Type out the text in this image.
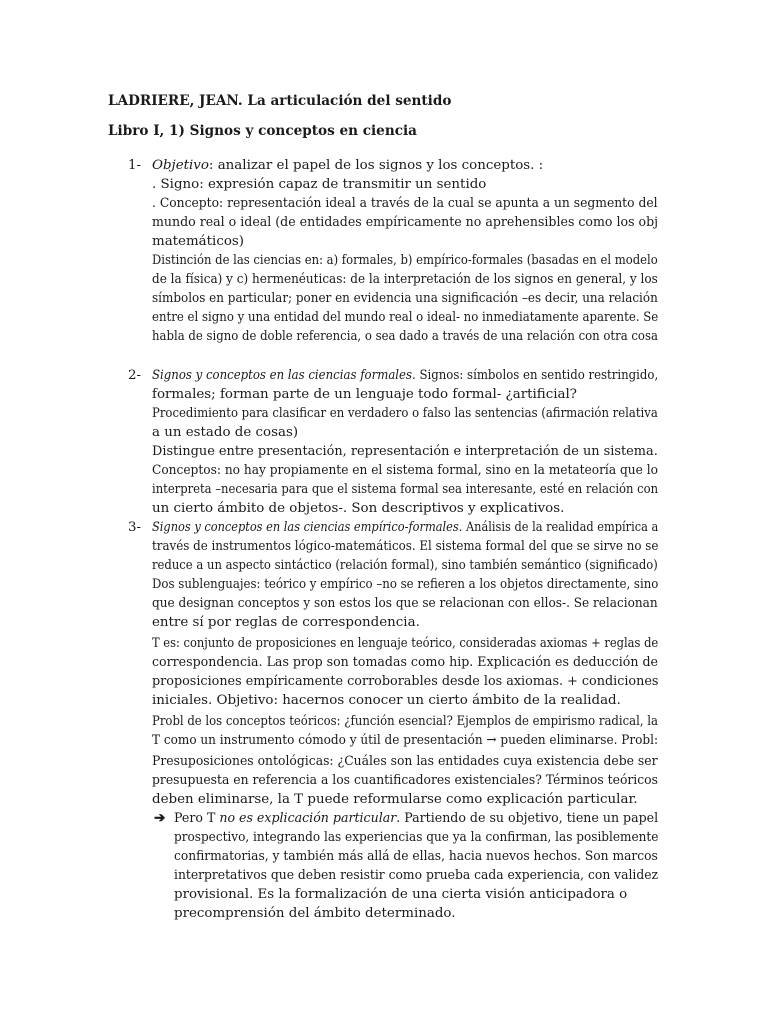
LADRIERE, JEAN. La articulación del sentido
Libro I, 1) Signos y conceptos en ciencia
1- Objetivo: analizar el papel de los signos y los conceptos. :
. Signo: expresión capaz de transmitir un sentido
. Concepto: representación ideal a través de la cual se apunta a un segmento del
mundo real o ideal (de entidades empíricamente no aprehensibles como los obj
matemáticos)
Distinción de las ciencias en: a) formales, b) empírico-formales (basadas en el modelo
de la física) y c) hermenéuticas: de la interpretación de los signos en general, y los
símbolos en particular; poner en evidencia una significación –es decir, una relación
entre el signo y una entidad del mundo real o ideal- no inmediatamente aparente. Se
habla de signo de doble referencia, o sea dado a través de una relación con otra cosa
2- Signos y conceptos en las ciencias formales. Signos: símbolos en sentido restringido,
formales; forman parte de un lenguaje todo formal- ¿artificial?
Procedimiento para clasificar en verdadero o falso las sentencias (afirmación relativa
a un estado de cosas)
Distingue entre presentación, representación e interpretación de un sistema.
Conceptos: no hay propiamente en el sistema formal, sino en la metateoría que lo
interpreta –necesaria para que el sistema formal sea interesante, esté en relación con
un cierto ámbito de objetos-. Son descriptivos y explicativos.
3- Signos y conceptos en las ciencias empírico-formales. Análisis de la realidad empírica a
través de instrumentos lógico-matemáticos. El sistema formal del que se sirve no se
reduce a un aspecto sintáctico (relación formal), sino también semántico (significado)
Dos sublenguajes: teórico y empírico –no se refieren a los objetos directamente, sino
que designan conceptos y son estos los que se relacionan con ellos-. Se relacionan
entre sí por reglas de correspondencia.
T es: conjunto de proposiciones en lenguaje teórico, consideradas axiomas + reglas de
correspondencia. Las prop son tomadas como hip. Explicación es deducción de
proposiciones empíricamente corroborables desde los axiomas. + condiciones
iniciales. Objetivo: hacernos conocer un cierto ámbito de la realidad.
Probl de los conceptos teóricos: ¿función esencial? Ejemplos de empirismo radical, la
T como un instrumento cómodo y útil de presentación → pueden eliminarse. Probl:
Presuposiciones ontológicas: ¿Cuáles son las entidades cuya existencia debe ser
presupuesta en referencia a los cuantificadores existenciales? Términos teóricos
deben eliminarse, la T puede reformularse como explicación particular.
➔ Pero T no es explicación particular. Partiendo de su objetivo, tiene un papel
prospectivo, integrando las experiencias que ya la confirman, las posiblemente
confirmatorias, y también más allá de ellas, hacia nuevos hechos. Son marcos
interpretativos que deben resistir como prueba cada experiencia, con validez
provisional. Es la formalización de una cierta visión anticipadora o
precomprensión del ámbito determinado.
